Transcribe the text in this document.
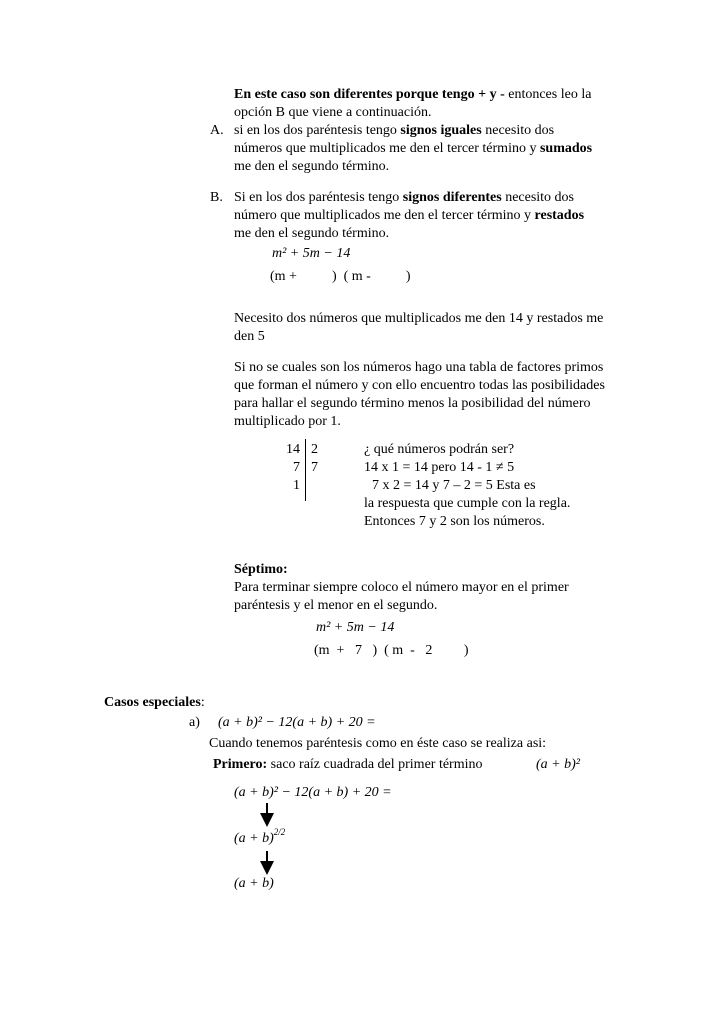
En este caso son diferentes porque tengo + y - entonces leo la
opción B que viene a continuación.
A. si en los dos paréntesis tengo signos iguales necesito dos
números que multiplicados me den el tercer término y sumados
me den el segundo término.
B. Si en los dos paréntesis tengo signos diferentes necesito dos
número que multiplicados me den el tercer término y restados
me den el segundo término.
m² + 5m − 14
(m +          )  ( m -          )
Necesito dos números que multiplicados me den 14 y restados me
den 5
Si no se cuales son los números hago una tabla de factores primos
que forman el número y con ello encuentro todas las posibilidades
para hallar el segundo término menos la posibilidad del número
multiplicado por 1.
14
7
1
2
7
¿ qué números podrán ser?
14 x 1 = 14 pero 14 - 1 ≠ 5
7 x 2 = 14 y 7 – 2 = 5 Esta es
la respuesta que cumple con la regla.
Entonces 7 y 2 son los números.
Séptimo:
Para terminar siempre coloco el número mayor en el primer
paréntesis y el menor en el segundo.
m² + 5m − 14
(m  +   7   )  ( m  -   2         )
Casos especiales:
a) (a + b)² − 12(a + b) + 20 =
Cuando tenemos paréntesis como en éste caso se realiza asi:
Primero: saco raíz cuadrada del primer término	(a + b)²
(a + b)² − 12(a + b) + 20 =
$(a + b)^{2/2}$
(a + b)
